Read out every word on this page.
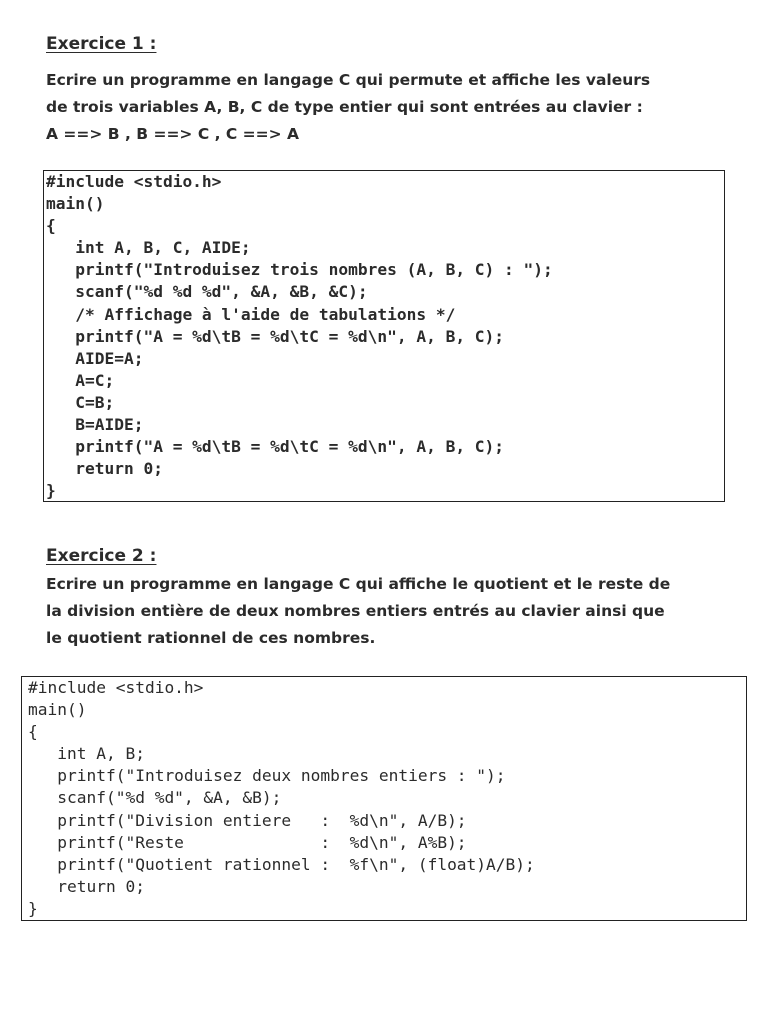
Exercice 1 :
Ecrire un programme en langage C qui permute et affiche les valeurs
de trois variables A, B, C de type entier qui sont entrées au clavier :
A ==> B , B ==> C , C ==> A
#include <stdio.h>
main()
{
int A, B, C, AIDE;
printf("Introduisez trois nombres (A, B, C) : ");
scanf("%d %d %d", &A, &B, &C);
/* Affichage à l'aide de tabulations */
printf("A = %d\tB = %d\tC = %d\n", A, B, C);
AIDE=A;
A=C;
C=B;
B=AIDE;
printf("A = %d\tB = %d\tC = %d\n", A, B, C);
return 0;
}
Exercice 2 :
Ecrire un programme en langage C qui affiche le quotient et le reste de
la division entière de deux nombres entiers entrés au clavier ainsi que
le quotient rationnel de ces nombres.
#include <stdio.h>
main()
{
int A, B;
printf("Introduisez deux nombres entiers : ");
scanf("%d %d", &A, &B);
printf("Division entiere   :  %d\n", A/B);
printf("Reste              :  %d\n", A%B);
printf("Quotient rationnel :  %f\n", (float)A/B);
return 0;
}
